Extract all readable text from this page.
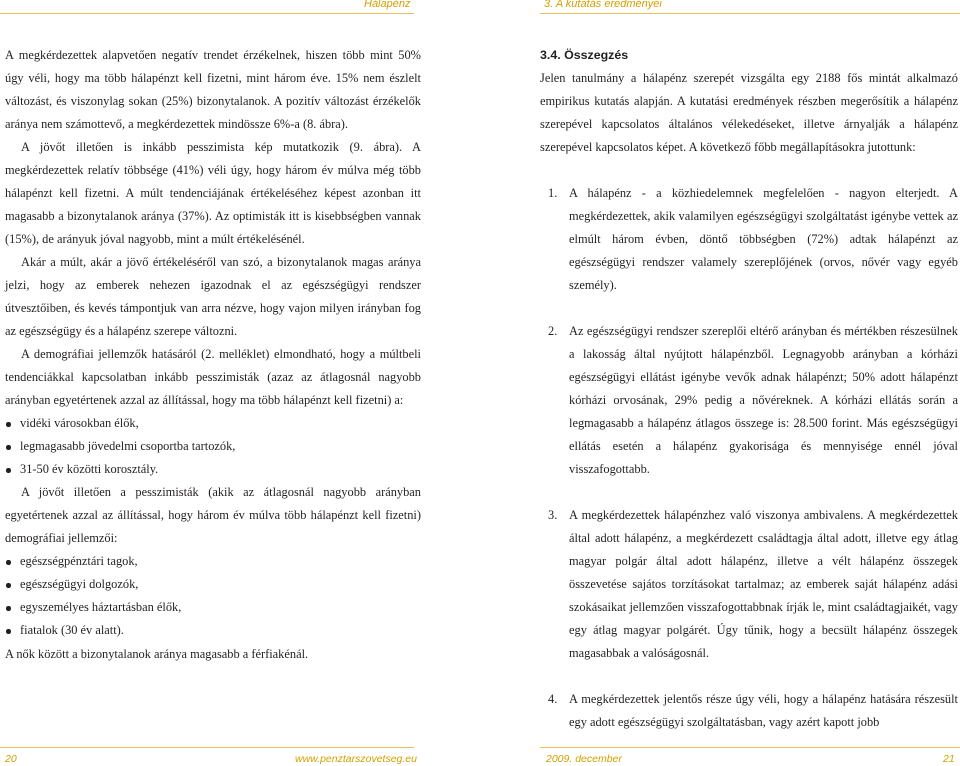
Hálapénz	3. A kutatás eredményei

A megkérdezettek alapvetően negatív trendet érzékelnek, hiszen több mint 50% úgy véli, hogy ma több hálapénzt kell fizetni, mint három éve. 15% nem észlelt változást, és viszonylag sokan (25%) bizonytalanok. A pozitív változást érzékelők aránya nem számottevő, a megkérdezettek mindössze 6%-a (8. ábra).

A jövőt illetően is inkább pesszimista kép mutatkozik (9. ábra). A megkérdezettek relatív többsége (41%) véli úgy, hogy három év múlva még több hálapénzt kell fizetni. A múlt tendenciájának értékeléséhez képest azonban itt magasabb a bizonytalanok aránya (37%). Az optimisták itt is kisebbségben vannak (15%), de arányuk jóval nagyobb, mint a múlt értékelésénél.

Akár a múlt, akár a jövő értékeléséről van szó, a bizonytalanok magas aránya jelzi, hogy az emberek nehezen igazodnak el az egészségügyi rendszer útvesztőiben, és kevés támpontjuk van arra nézve, hogy vajon milyen irányban fog az egészségügy és a hálapénz szerepe változni.

A demográfiai jellemzők hatásáról (2. melléklet) elmondható, hogy a múltbeli tendenciákkal kapcsolatban inkább pesszimisták (azaz az átlagosnál nagyobb arányban egyetértenek azzal az állítással, hogy ma több hálapénzt kell fizetni) a:

vidéki városokban élők,
legmagasabb jövedelmi csoportba tartozók,
31-50 év közötti korosztály.

A jövőt illetően a pesszimisták (akik az átlagosnál nagyobb arányban egyetértenek azzal az állítással, hogy három év múlva több hálapénzt kell fizetni) demográfiai jellemzői:

egészségpénztári tagok,
egészségügyi dolgozók,
egyszemélyes háztartásban élők,
fiatalok (30 év alatt).

A nők között a bizonytalanok aránya magasabb a férfiakénál.

3.4. Összegzés

Jelen tanulmány a hálapénz szerepét vizsgálta egy 2188 fős mintát alkalmazó empirikus kutatás alapján. A kutatási eredmények részben megerősítik a hálapénz szerepével kapcsolatos általános vélekedéseket, illetve árnyalják a hálapénz szerepével kapcsolatos képet. A következő főbb megállapításokra jutottunk:

1. A hálapénz - a közhiedelemnek megfelelően - nagyon elterjedt. A megkérdezettek, akik valamilyen egészségügyi szolgáltatást igénybe vettek az elmúlt három évben, döntő többségben (72%) adtak hálapénzt az egészségügyi rendszer valamely szereplőjének (orvos, nővér vagy egyéb személy).
2. Az egészségügyi rendszer szereplői eltérő arányban és mértékben részesülnek a lakosság által nyújtott hálapénzből. Legnagyobb arányban a kórházi egészségügyi ellátást igénybe vevők adnak hálapénzt; 50% adott hálapénzt kórházi orvosának, 29% pedig a nővéreknek. A kórházi ellátás során a legmagasabb a hálapénz átlagos összege is: 28.500 forint. Más egészségügyi ellátás esetén a hálapénz gyakorisága és mennyisége ennél jóval visszafogottabb.
3. A megkérdezettek hálapénzhez való viszonya ambivalens. A megkérdezettek által adott hálapénz, a megkérdezett családtagja által adott, illetve egy átlag magyar polgár által adott hálapénz, illetve a vélt hálapénz összegek összevetése sajátos torzításokat tartalmaz; az emberek saját hálapénz adási szokásaikat jellemzően visszafogottabbnak írják le, mint családtagjaikét, vagy egy átlag magyar polgárét. Úgy tűnik, hogy a becsült hálapénz összegek magasabbak a valóságosnál.
4. A megkérdezettek jelentős része úgy véli, hogy a hálapénz hatására részesült egy adott egészségügyi szolgáltatásban, vagy azért kapott jobb
20	www.penztarszovetseg.eu	2009. december	21
